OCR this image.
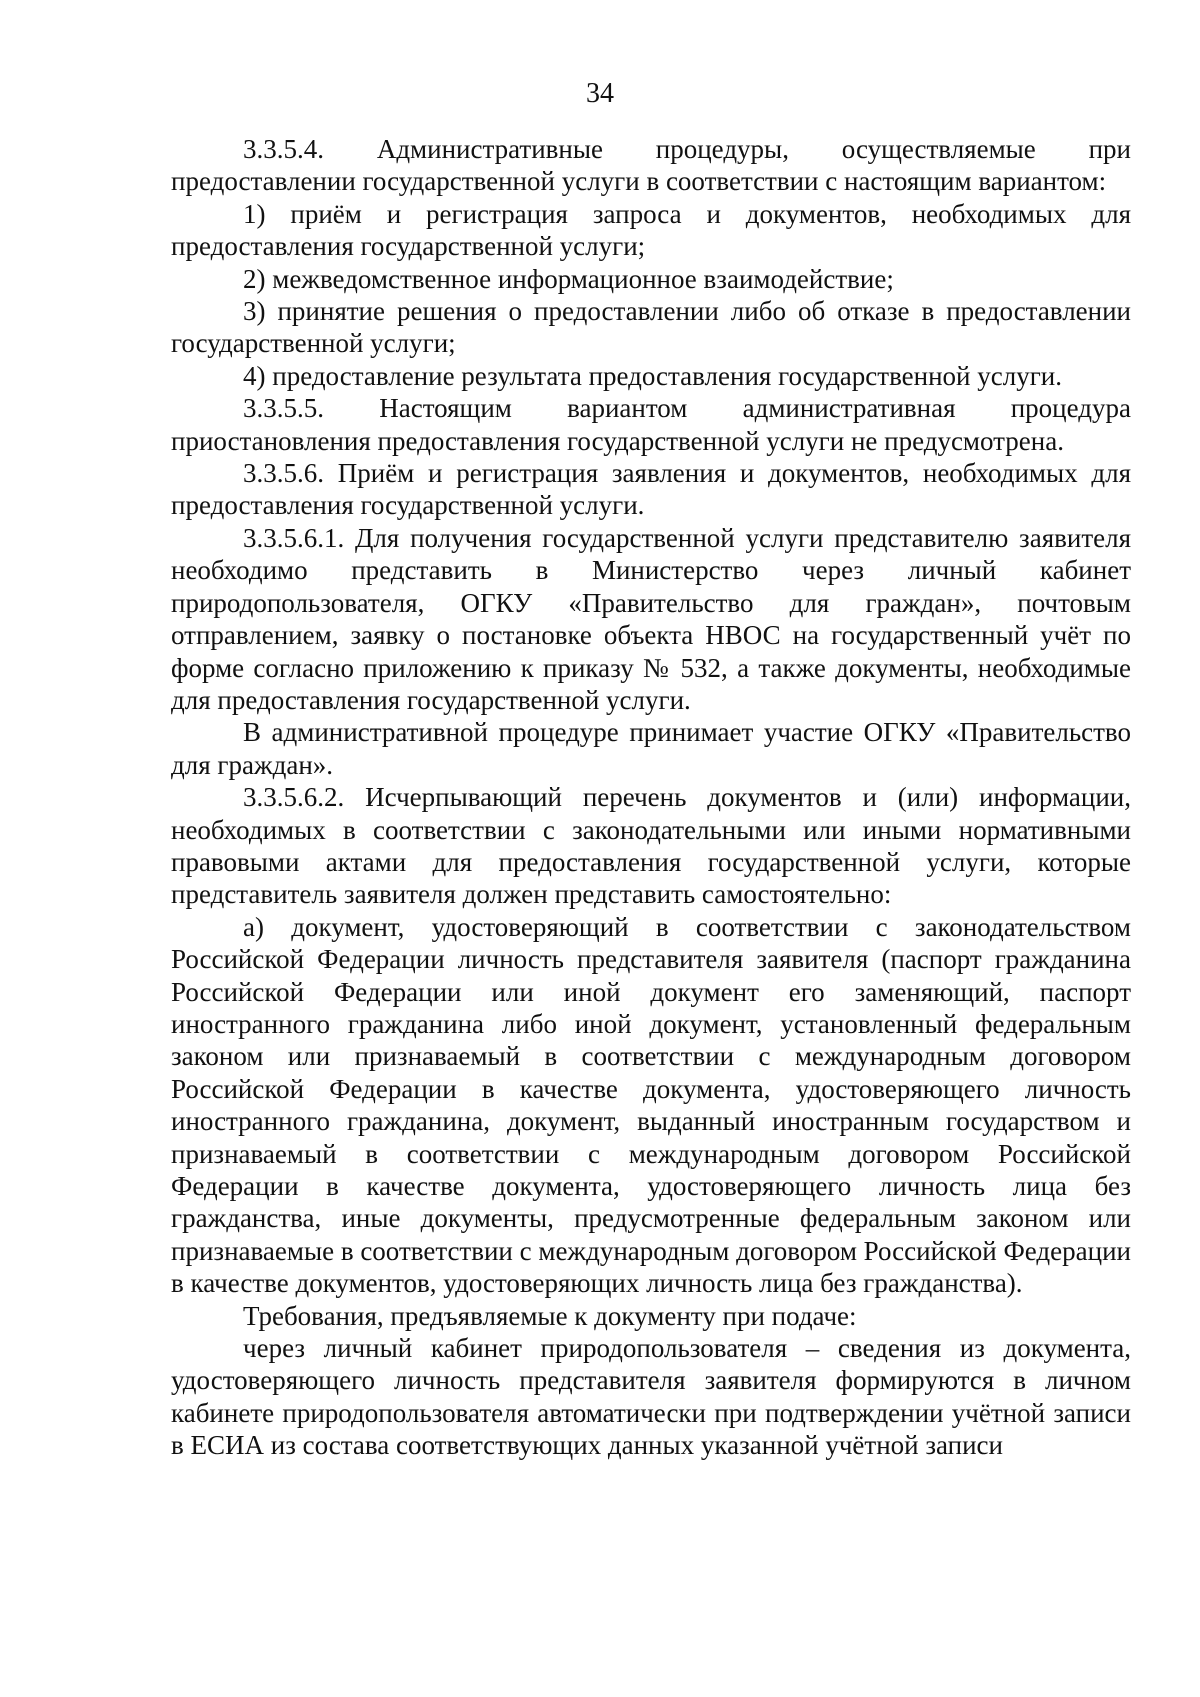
34

3.3.5.4. Административные процедуры, осуществляемые при предоставлении государственной услуги в соответствии с настоящим вариантом:

1) приём и регистрация запроса и документов, необходимых для предоставления государственной услуги;

2) межведомственное информационное взаимодействие;

3) принятие решения о предоставлении либо об отказе в предоставлении государственной услуги;

4) предоставление результата предоставления государственной услуги.

3.3.5.5. Настоящим вариантом административная процедура приостановления предоставления государственной услуги не предусмотрена.

3.3.5.6. Приём и регистрация заявления и документов, необходимых для предоставления государственной услуги.

3.3.5.6.1. Для получения государственной услуги представителю заявителя необходимо представить в Министерство через личный кабинет природопользователя, ОГКУ «Правительство для граждан», почтовым отправлением, заявку о постановке объекта НВОС на государственный учёт по форме согласно приложению к приказу № 532, а также документы, необходимые для предоставления государственной услуги.

В административной процедуре принимает участие ОГКУ «Правительство для граждан».

3.3.5.6.2. Исчерпывающий перечень документов и (или) информации, необходимых в соответствии с законодательными или иными нормативными правовыми актами для предоставления государственной услуги, которые представитель заявителя должен представить самостоятельно:

а) документ, удостоверяющий в соответствии с законодательством Российской Федерации личность представителя заявителя (паспорт гражданина Российской Федерации или иной документ его заменяющий, паспорт иностранного гражданина либо иной документ, установленный федеральным законом или признаваемый в соответствии с международным договором Российской Федерации в качестве документа, удостоверяющего личность иностранного гражданина, документ, выданный иностранным государством и признаваемый в соответствии с международным договором Российской Федерации в качестве документа, удостоверяющего личность лица без гражданства, иные документы, предусмотренные федеральным законом или признаваемые в соответствии с международным договором Российской Федерации в качестве документов, удостоверяющих личность лица без гражданства).

Требования, предъявляемые к документу при подаче:

через личный кабинет природопользователя – сведения из документа, удостоверяющего личность представителя заявителя формируются в личном кабинете природопользователя автоматически при подтверждении учётной записи в ЕСИА из состава соответствующих данных указанной учётной записи
